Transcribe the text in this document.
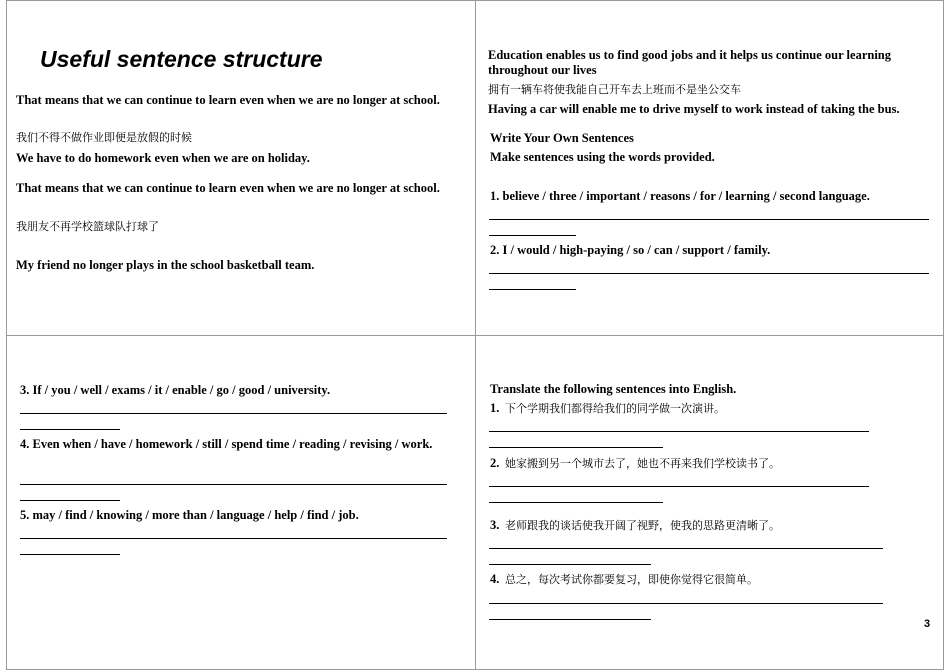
Useful sentence structure
That means that we can continue to learn even when we are no longer at school.
我们不得不做作业即便是放假的时候
We have to do homework even when we are on holiday.
That means that we can continue to learn even when we are no longer at school.
我朋友不再学校篮球队打球了
My friend no longer plays in the school basketball team.
Education enables us to find good jobs and it helps us continue our learning throughout our lives
拥有一辆车将使我能自己开车去上班而不是坐公交车
Having a car will enable me to drive myself to work instead of taking the bus.
Write Your Own Sentences
Make sentences using the words provided.
1. believe / three / important / reasons / for / learning / second language.
2. I / would / high-paying / so / can / support / family.
3. If / you / well / exams / it / enable / go / good / university.
4. Even when / have / homework / still / spend time / reading / revising / work.
5. may / find / knowing / more than / language / help / find / job.
Translate the following sentences into English.
1. 下个学期我们都得给我们的同学做一次演讲。
2. 她家搬到另一个城市去了，她也不再来我们学校读书了。
3. 老师跟我的谈话使我开阔了视野，使我的思路更清晰了。
4. 总之，每次考试你都要复习，即使你觉得它很简单。
3
